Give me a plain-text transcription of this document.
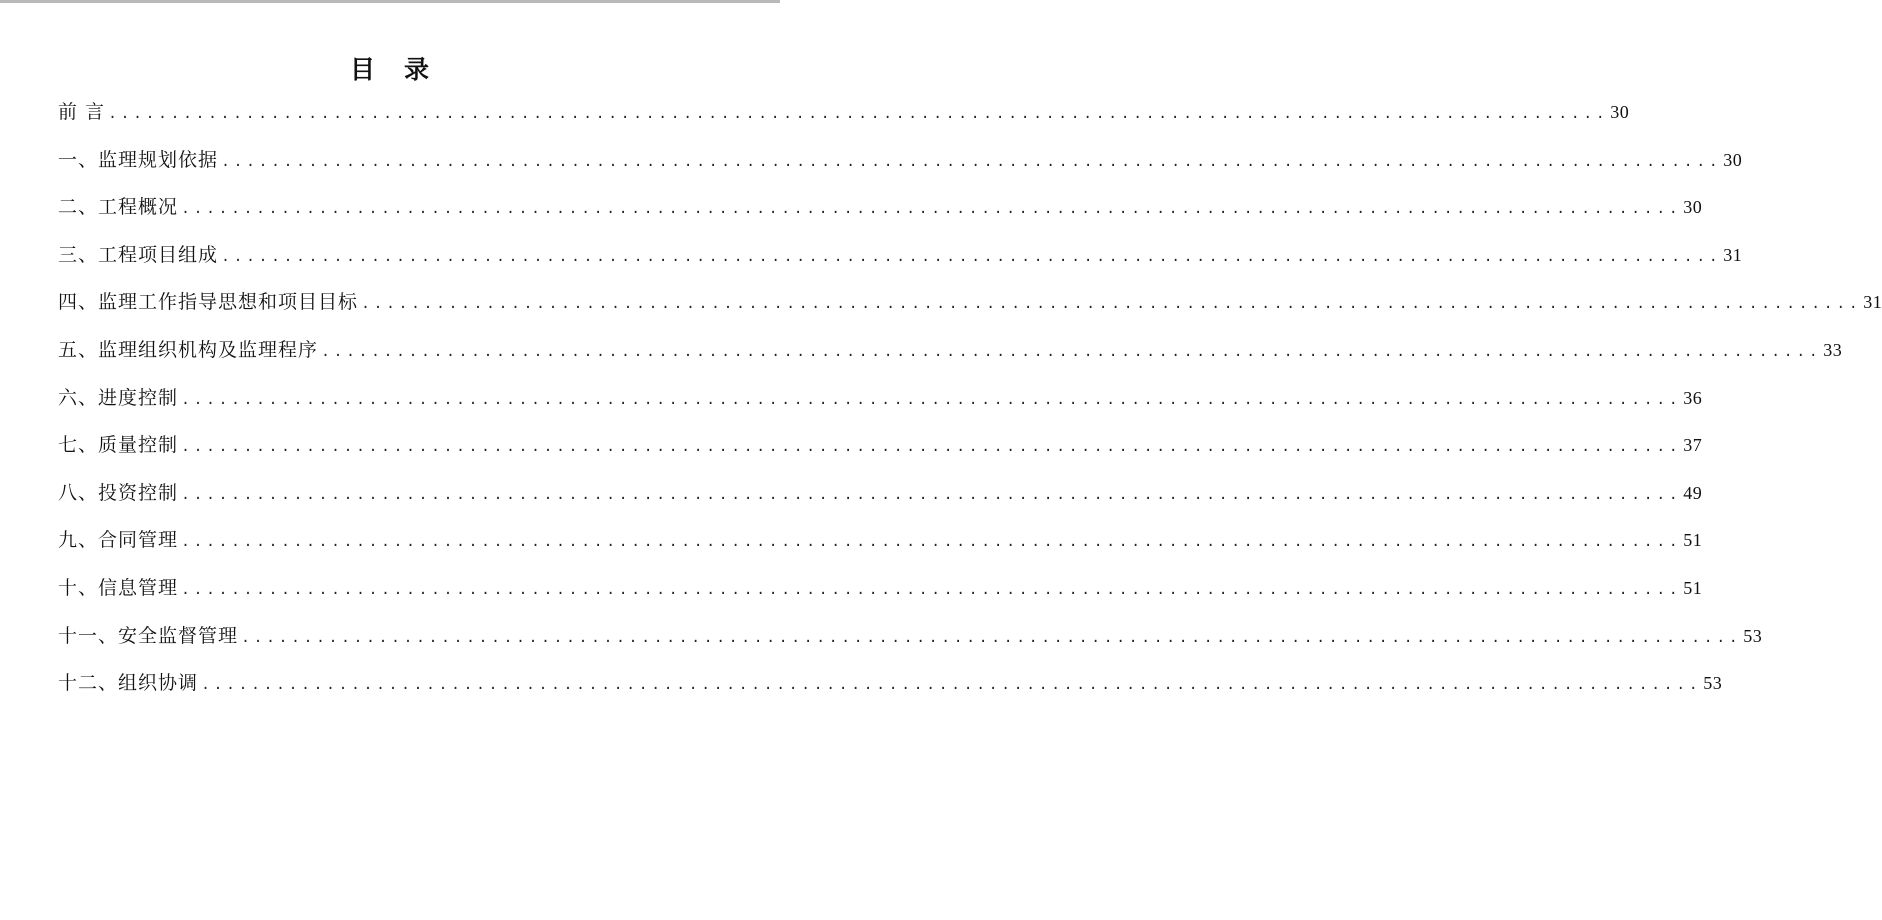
目 录
前 言 ........................................................................................................................ 30
一、监理规划依据 ........................................................................................................................ 30
二、工程概况 ........................................................................................................................ 30
三、工程项目组成 ........................................................................................................................ 31
四、监理工作指导思想和项目目标 ........................................................................................................................ 31
五、监理组织机构及监理程序 ........................................................................................................................ 33
六、进度控制 ........................................................................................................................ 36
七、质量控制 ........................................................................................................................ 37
八、投资控制 ........................................................................................................................ 49
九、合同管理 ........................................................................................................................ 51
十、信息管理 ........................................................................................................................ 51
十一、安全监督管理 ........................................................................................................................ 53
十二、组织协调 ........................................................................................................................ 53
